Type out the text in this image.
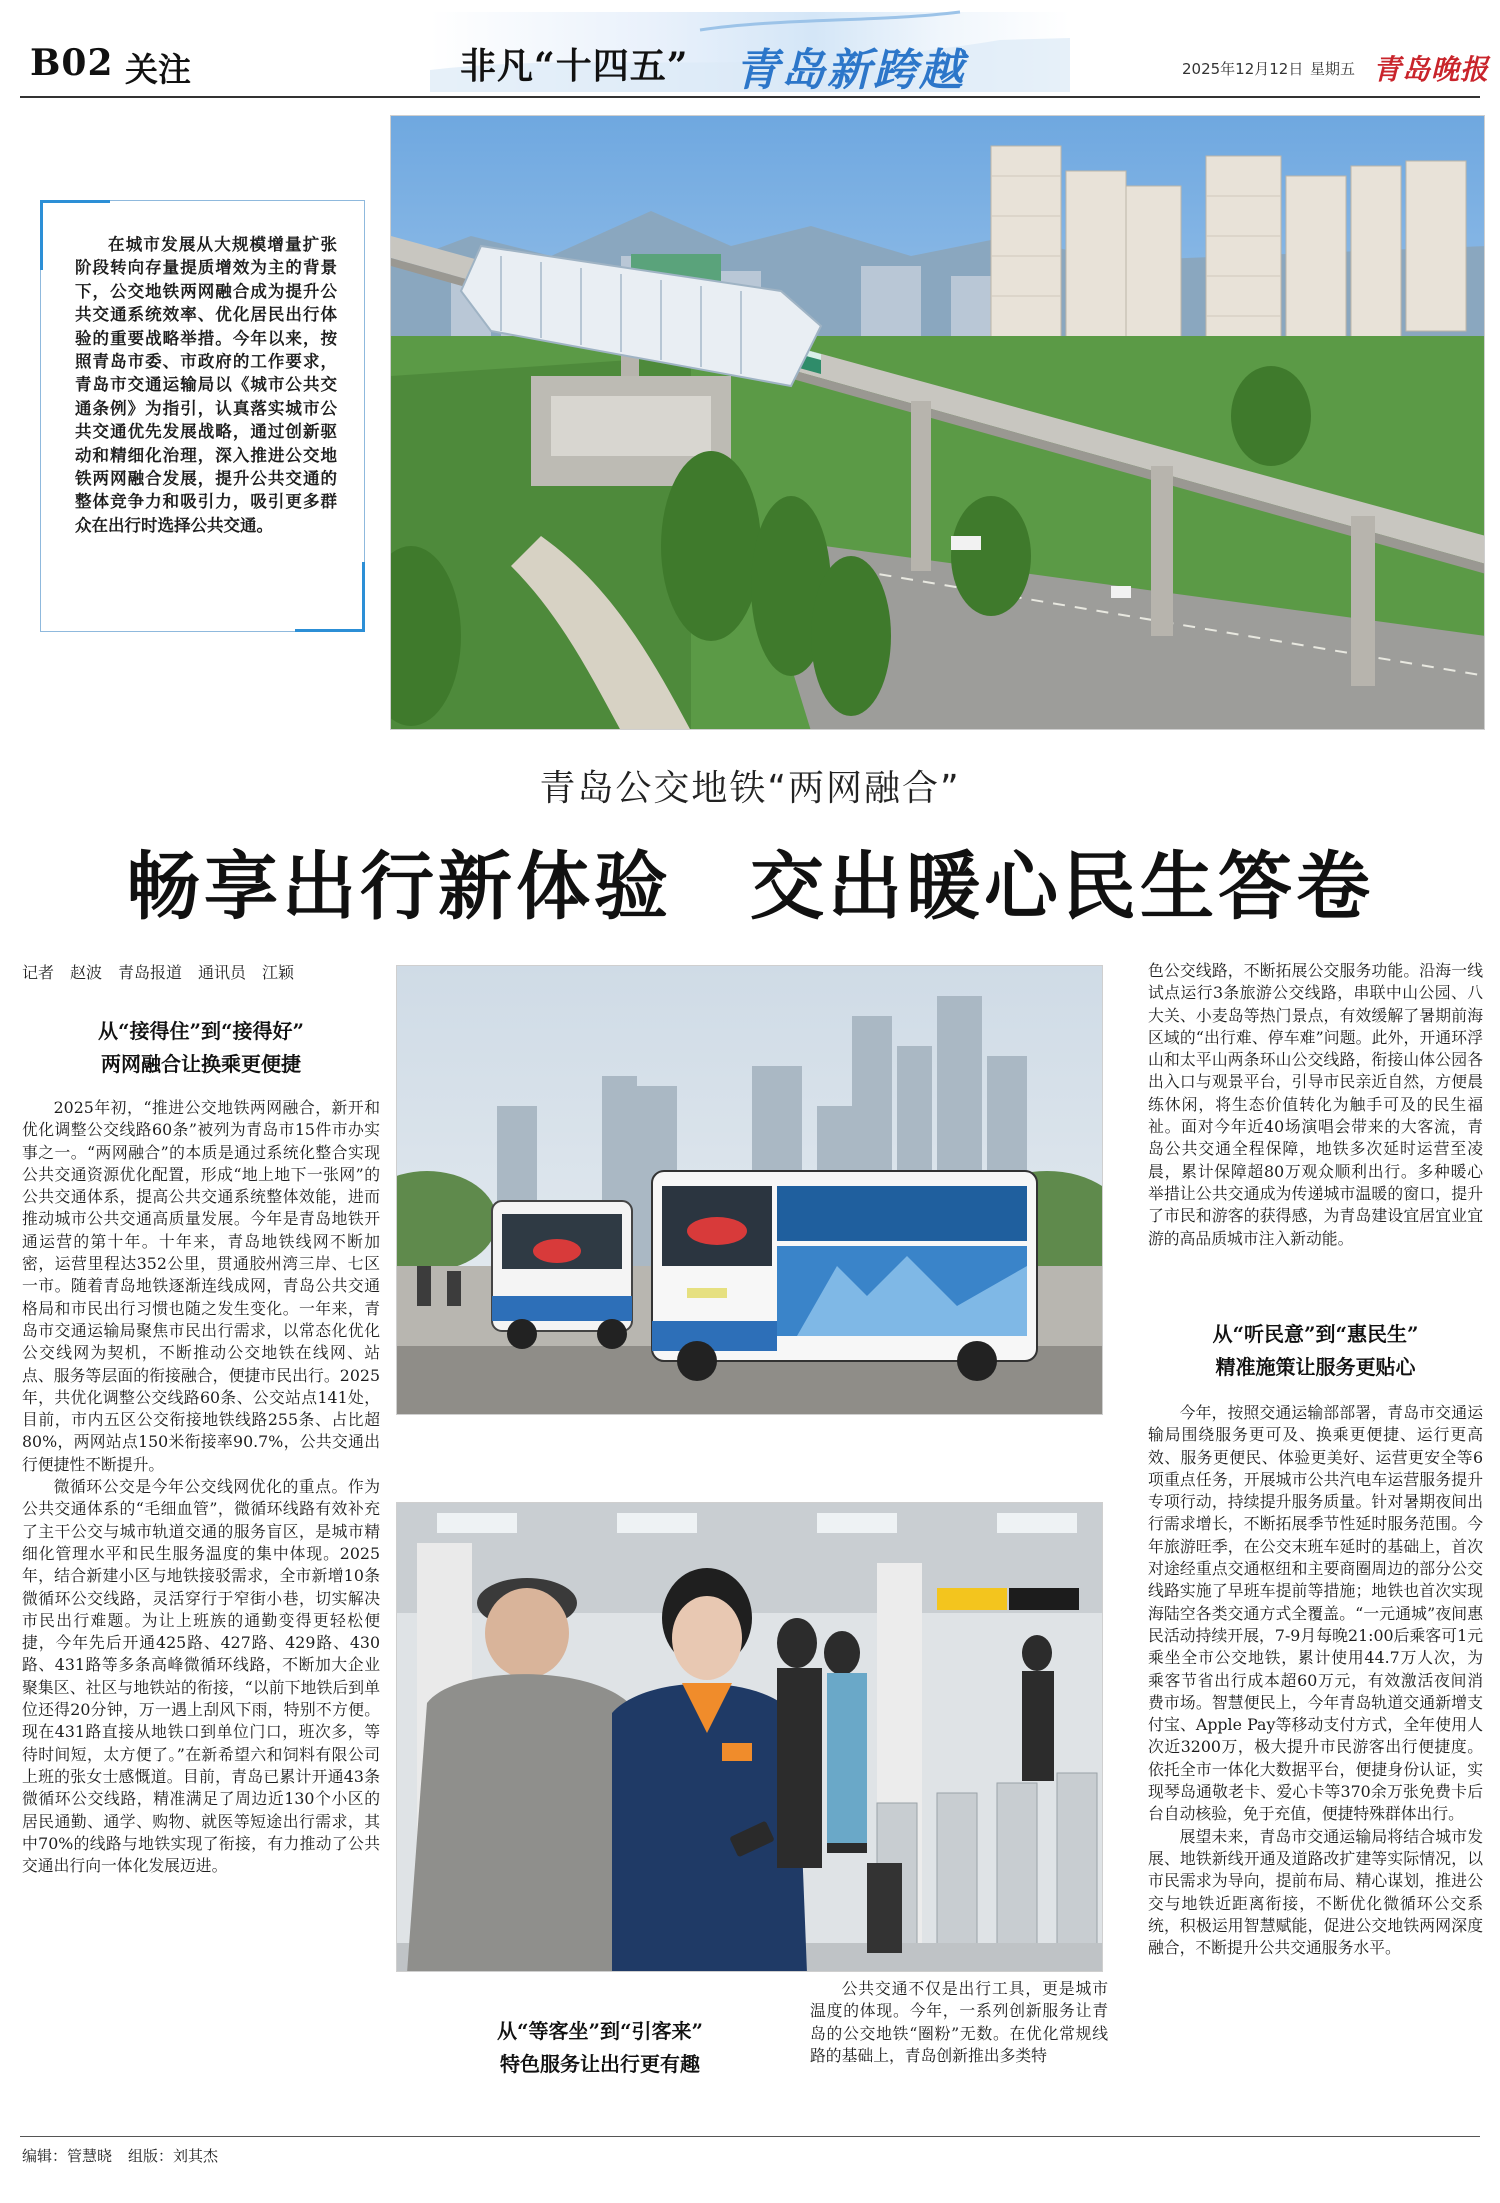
B02 关注	非凡“十四五” 青岛新跨越	2025年12月12日 星期五 青岛晚报

在城市发展从大规模增量扩张阶段转向存量提质增效为主的背景下，公交地铁两网融合成为提升公共交通系统效率、优化居民出行体验的重要战略举措。今年以来，按照青岛市委、市政府的工作要求，青岛市交通运输局以《城市公共交通条例》为指引，认真落实城市公共交通优先发展战略，通过创新驱动和精细化治理，深入推进公交地铁两网融合发展，提升公共交通的整体竞争力和吸引力，吸引更多群众在出行时选择公共交通。

青岛公交地铁“两网融合”
畅享出行新体验　交出暖心民生答卷
记者　赵波　青岛报道　通讯员　江颖
从“接得住”到“接得好”
两网融合让换乘更便捷

2025年初，“推进公交地铁两网融合，新开和优化调整公交线路60条”被列为青岛市15件市办实事之一。“两网融合”的本质是通过系统化整合实现公共交通资源优化配置，形成“地上地下一张网”的公共交通体系，提高公共交通系统整体效能，进而推动城市公共交通高质量发展。今年是青岛地铁开通运营的第十年。十年来，青岛地铁线网不断加密，运营里程达352公里，贯通胶州湾三岸、七区一市。随着青岛地铁逐渐连线成网，青岛公共交通格局和市民出行习惯也随之发生变化。一年来，青岛市交通运输局聚焦市民出行需求，以常态化优化公交线网为契机，不断推动公交地铁在线网、站点、服务等层面的衔接融合，便捷市民出行。2025年，共优化调整公交线路60条、公交站点141处，目前，市内五区公交衔接地铁线路255条、占比超80%，两网站点150米衔接率90.7%，公共交通出行便捷性不断提升。

微循环公交是今年公交线网优化的重点。作为公共交通体系的“毛细血管”，微循环线路有效补充了主干公交与城市轨道交通的服务盲区，是城市精细化管理水平和民生服务温度的集中体现。2025年，结合新建小区与地铁接驳需求，全市新增10条微循环公交线路，灵活穿行于窄街小巷，切实解决市民出行难题。为让上班族的通勤变得更轻松便捷，今年先后开通425路、427路、429路、430路、431路等多条高峰微循环线路，不断加大企业聚集区、社区与地铁站的衔接，“以前下地铁后到单位还得20分钟，万一遇上刮风下雨，特别不方便。现在431路直接从地铁口到单位门口，班次多，等待时间短，太方便了。”在新希望六和饲料有限公司上班的张女士感慨道。目前，青岛已累计开通43条微循环公交线路，精准满足了周边近130个小区的居民通勤、通学、购物、就医等短途出行需求，其中70%的线路与地铁实现了衔接，有力推动了公共交通出行向一体化发展迈进。

从“等客坐”到“引客来”
特色服务让出行更有趣

公共交通不仅是出行工具，更是城市温度的体现。今年，一系列创新服务让青岛的公交地铁“圈粉”无数。在优化常规线路的基础上，青岛创新推出多类特

色公交线路，不断拓展公交服务功能。沿海一线试点运行3条旅游公交线路，串联中山公园、八大关、小麦岛等热门景点，有效缓解了暑期前海区域的“出行难、停车难”问题。此外，开通环浮山和太平山两条环山公交线路，衔接山体公园各出入口与观景平台，引导市民亲近自然，方便晨练休闲，将生态价值转化为触手可及的民生福祉。面对今年近40场演唱会带来的大客流，青岛公共交通全程保障，地铁多次延时运营至凌晨，累计保障超80万观众顺利出行。多种暖心举措让公共交通成为传递城市温暖的窗口，提升了市民和游客的获得感，为青岛建设宜居宜业宜游的高品质城市注入新动能。

从“听民意”到“惠民生”
精准施策让服务更贴心

今年，按照交通运输部部署，青岛市交通运输局围绕服务更可及、换乘更便捷、运行更高效、服务更便民、体验更美好、运营更安全等6项重点任务，开展城市公共汽电车运营服务提升专项行动，持续提升服务质量。针对暑期夜间出行需求增长，不断拓展季节性延时服务范围。今年旅游旺季，在公交末班车延时的基础上，首次对途经重点交通枢纽和主要商圈周边的部分公交线路实施了早班车提前等措施；地铁也首次实现海陆空各类交通方式全覆盖。“一元通城”夜间惠民活动持续开展，7-9月每晚21:00后乘客可1元乘坐全市公交地铁，累计使用44.7万人次，为乘客节省出行成本超60万元，有效激活夜间消费市场。智慧便民上，今年青岛轨道交通新增支付宝、Apple Pay等移动支付方式，全年使用人次近3200万，极大提升市民游客出行便捷度。依托全市一体化大数据平台，便捷身份认证，实现琴岛通敬老卡、爱心卡等370余万张免费卡后台自动核验，免于充值，便捷特殊群体出行。

展望未来，青岛市交通运输局将结合城市发展、地铁新线开通及道路改扩建等实际情况，以市民需求为导向，提前布局、精心谋划，推进公交与地铁近距离衔接，不断优化微循环公交系统，积极运用智慧赋能，促进公交地铁两网深度融合，不断提升公共交通服务水平。

编辑：管慧晓 组版：刘其杰
